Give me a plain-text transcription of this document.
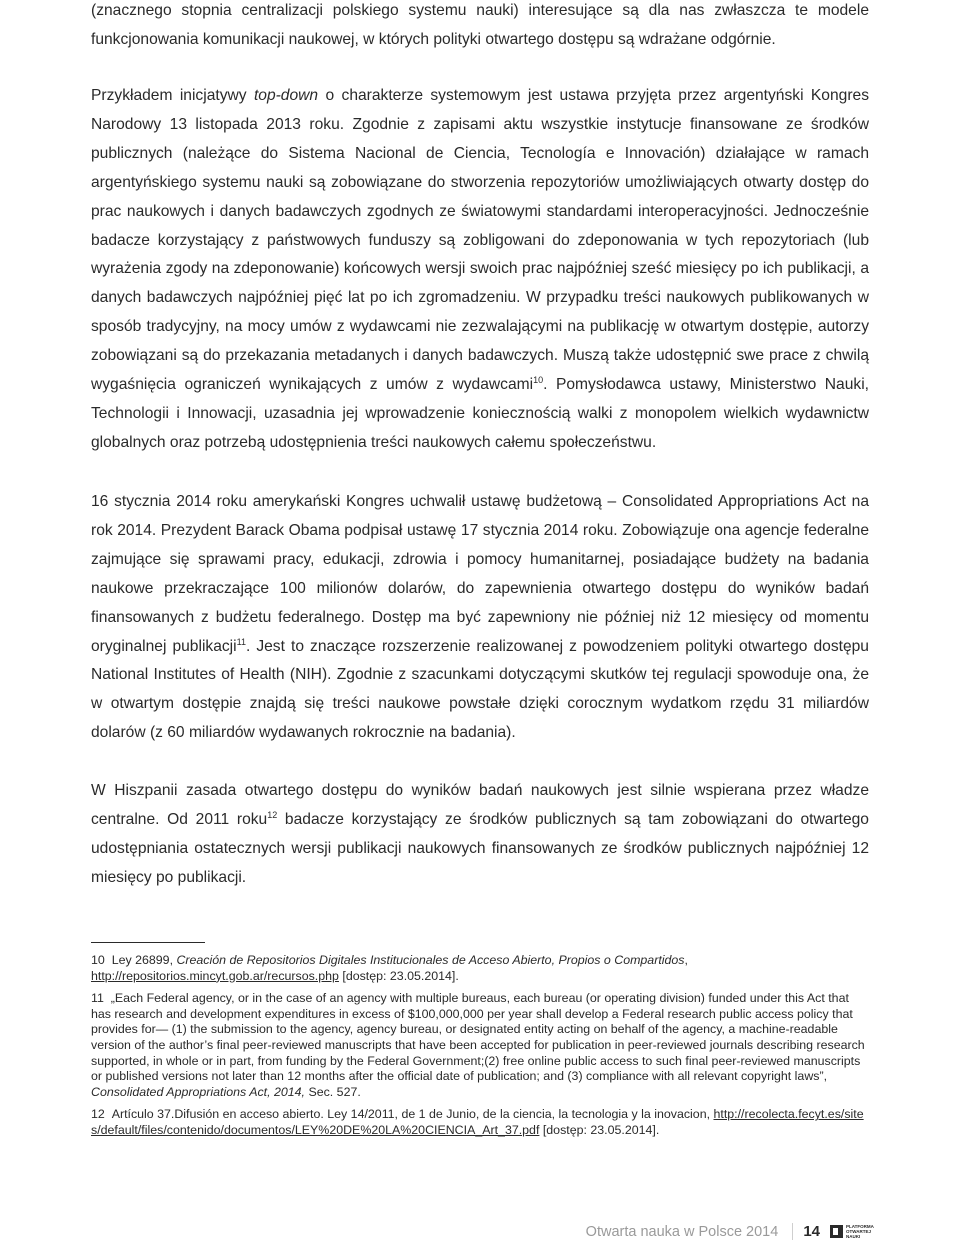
(znacznego stopnia centralizacji polskiego systemu nauki) interesujące są dla nas zwłaszcza te modele funkcjonowania komunikacji naukowej, w których polityki otwartego dostępu są wdrażane odgórnie.

Przykładem inicjatywy top-down o charakterze systemowym jest ustawa przyjęta przez argentyński Kongres Narodowy 13 listopada 2013 roku. Zgodnie z zapisami aktu wszystkie instytucje finansowane ze środków publicznych (należące do Sistema Nacional de Ciencia, Tecnología e Innovación) działające w ramach argentyńskiego systemu nauki są zobowiązane do stworzenia repozytoriów umożliwiających otwarty dostęp do prac naukowych i danych badawczych zgodnych ze światowymi standardami interoperacyjności. Jednocześnie badacze korzystający z państwowych funduszy są zobligowani do zdeponowania w tych repozytoriach (lub wyrażenia zgody na zdeponowanie) końcowych wersji swoich prac najpóźniej sześć miesięcy po ich publikacji, a danych badawczych najpóźniej pięć lat po ich zgromadzeniu. W przypadku treści naukowych publikowanych w sposób tradycyjny, na mocy umów z wydawcami nie zezwalającymi na publikację w otwartym dostępie, autorzy zobowiązani są do przekazania metadanych i danych badawczych. Muszą także udostępnić swe prace z chwilą wygaśnięcia ograniczeń wynikających z umów z wydawcami$^{10}$. Pomysłodawca ustawy, Ministerstwo Nauki, Technologii i Innowacji, uzasadnia jej wprowadzenie koniecznością walki z monopolem wielkich wydawnictw globalnych oraz potrzebą udostępnienia treści naukowych całemu społeczeństwu.

16 stycznia 2014 roku amerykański Kongres uchwalił ustawę budżetową – Consolidated Appropriations Act na rok 2014. Prezydent Barack Obama podpisał ustawę 17 stycznia 2014 roku. Zobowiązuje ona agencje federalne zajmujące się sprawami pracy, edukacji, zdrowia i pomocy humanitarnej, posiadające budżety na badania naukowe przekraczające 100 milionów dolarów, do zapewnienia otwartego dostępu do wyników badań finansowanych z budżetu federalnego. Dostęp ma być zapewniony nie później niż 12 miesięcy od momentu oryginalnej publikacji$^{11}$. Jest to znaczące rozszerzenie realizowanej z powodzeniem polityki otwartego dostępu National Institutes of Health (NIH). Zgodnie z szacunkami dotyczącymi skutków tej regulacji spowoduje ona, że w otwartym dostępie znajdą się treści naukowe powstałe dzięki corocznym wydatkom rzędu 31 miliardów dolarów (z 60 miliardów wydawanych rokrocznie na badania).

W Hiszpanii zasada otwartego dostępu do wyników badań naukowych jest silnie wspierana przez władze centralne. Od 2011 roku$^{12}$ badacze korzystający ze środków publicznych są tam zobowiązani do otwartego udostępniania ostatecznych wersji publikacji naukowych finansowanych ze środków publicznych najpóźniej 12 miesięcy po publikacji.

10 Ley 26899, Creación de Repositorios Digitales Institucionales de Acceso Abierto, Propios o Compartidos,
http://repositorios.mincyt.gob.ar/recursos.php [dostęp: 23.05.2014].

11 „Each Federal agency, or in the case of an agency with multiple bureaus, each bureau (or operating division) funded under this Act that has research and development expenditures in excess of $100,000,000 per year shall develop a Federal research public access policy that provides for— (1) the submission to the agency, agency bureau, or designated entity acting on behalf of the agency, a machine-readable version of the author’s final peer-reviewed manuscripts that have been accepted for publication in peer-reviewed journals describing research supported, in whole or in part, from funding by the Federal Government;(2) free online public access to such final peer-reviewed manuscripts or published versions not later than 12 months after the official date of publication; and (3) compliance with all relevant copyright laws”, Consolidated Appropriations Act, 2014, Sec. 527.

12 Artículo 37.Difusión en acceso abierto. Ley 14/2011, de 1 de Junio, de la ciencia, la tecnologia y la inovacion, http://recolecta.fecyt.es/sites/default/files/contenido/documentos/LEY%20DE%20LA%20CIENCIA_Art_37.pdf [dostęp: 23.05.2014].

Otwarta nauka w Polsce 2014	14	PLATFORMA OTWARTEJ NAUKI
